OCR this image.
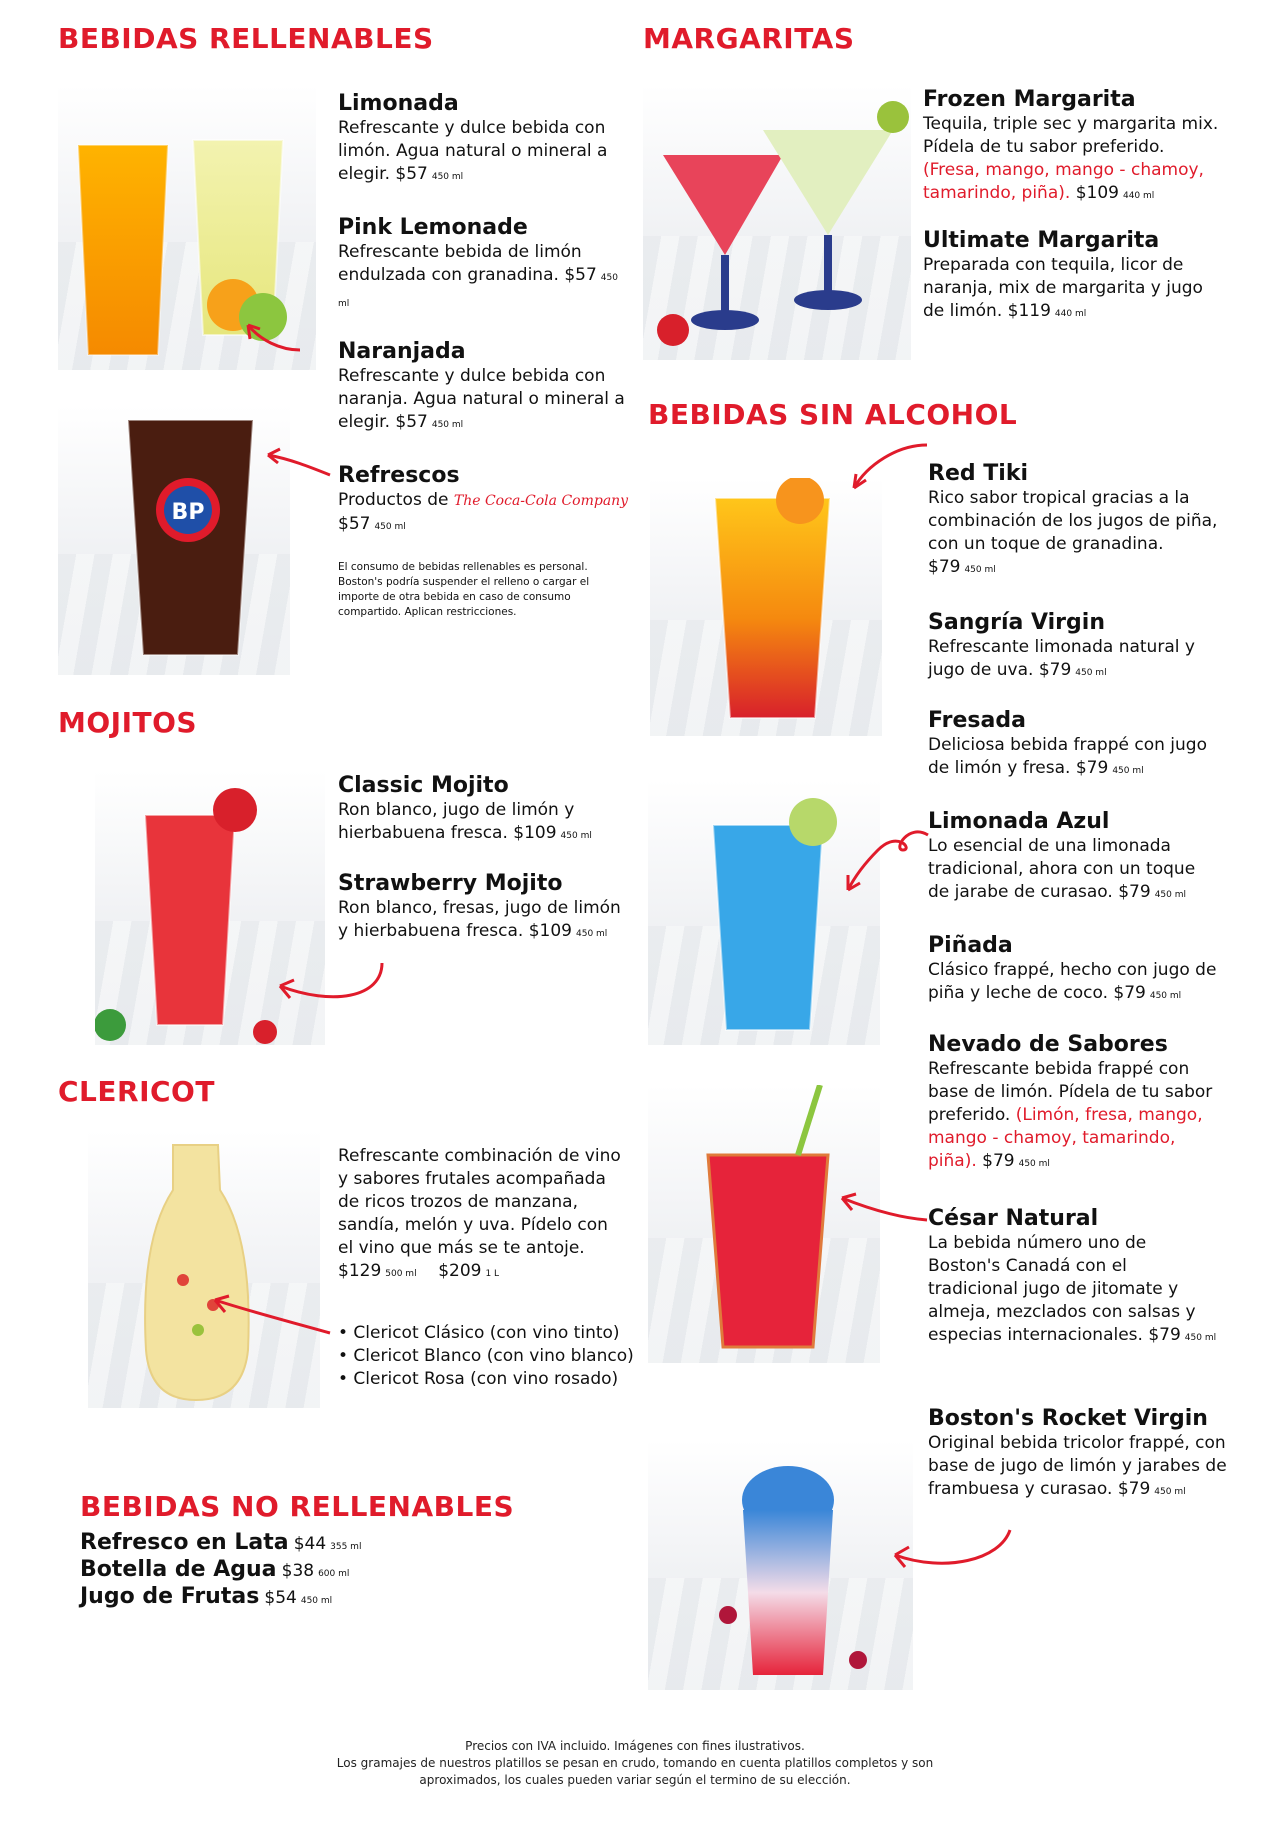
BEBIDAS RELLENABLES
BP

Limonada

Refrescante y dulce bebida con limón. Agua natural o mineral a elegir. $57 450 ml

Pink Lemonade

Refrescante bebida de limón endulzada con granadina. $57 450 ml

Naranjada

Refrescante y dulce bebida con naranja. Agua natural o mineral a elegir. $57 450 ml

Refrescos

Productos de The Coca-Cola Company
$57 450 ml

El consumo de bebidas rellenables es personal. Boston's podría suspender el relleno o cargar el importe de otra bebida en caso de consumo compartido. Aplican restricciones.

MOJITOS

Classic Mojito

Ron blanco, jugo de limón y hierbabuena fresca. $109 450 ml

Strawberry Mojito

Ron blanco, fresas, jugo de limón y hierbabuena fresca. $109 450 ml

CLERICOT

Refrescante combinación de vino y sabores frutales acompañada de ricos trozos de manzana, sandía, melón y uva. Pídelo con el vino que más se te antoje.

$129 500 ml $209 1 L

• Clericot Clásico (con vino tinto)

• Clericot Blanco (con vino blanco)

• Clericot Rosa (con vino rosado)

BEBIDAS NO RELLENABLES
Refresco en Lata $44 355 ml
Botella de Agua $38 600 ml
Jugo de Frutas $54 450 ml
MARGARITAS

Frozen Margarita

Tequila, triple sec y margarita mix. Pídela de tu sabor preferido. (Fresa, mango, mango - chamoy, tamarindo, piña). $109 440 ml

Ultimate Margarita

Preparada con tequila, licor de naranja, mix de margarita y jugo de limón. $119 440 ml

BEBIDAS SIN ALCOHOL

Red Tiki

Rico sabor tropical gracias a la combinación de los jugos de piña, con un toque de granadina. $79 450 ml

Sangría Virgin

Refrescante limonada natural y jugo de uva. $79 450 ml

Fresada

Deliciosa bebida frappé con jugo de limón y fresa. $79 450 ml

Limonada Azul

Lo esencial de una limonada tradicional, ahora con un toque de jarabe de curasao. $79 450 ml

Piñada

Clásico frappé, hecho con jugo de piña y leche de coco. $79 450 ml

Nevado de Sabores

Refrescante bebida frappé con base de limón. Pídela de tu sabor preferido. (Limón, fresa, mango, mango - chamoy, tamarindo, piña). $79 450 ml

César Natural

La bebida número uno de Boston's Canadá con el tradicional jugo de jitomate y almeja, mezclados con salsas y especias internacionales. $79 450 ml

Boston's Rocket Virgin

Original bebida tricolor frappé, con base de jugo de limón y jarabes de frambuesa y curasao. $79 450 ml

Precios con IVA incluido. Imágenes con fines ilustrativos.
Los gramajes de nuestros platillos se pesan en crudo, tomando en cuenta platillos completos y son aproximados, los cuales pueden variar según el termino de su elección.
